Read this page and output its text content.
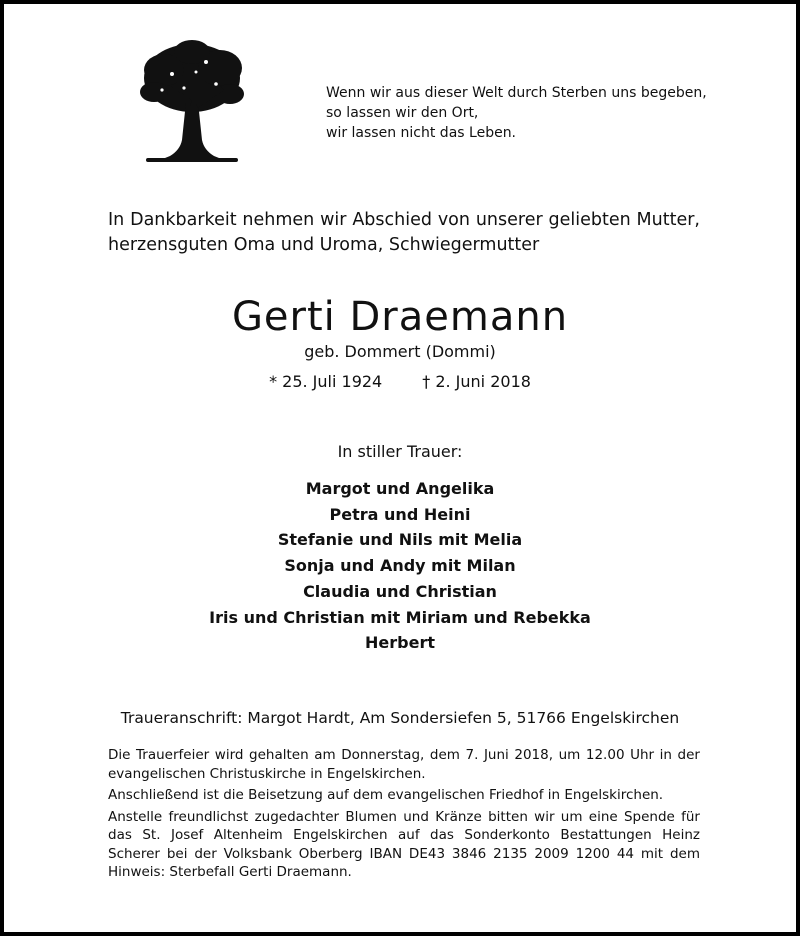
Wenn wir aus dieser Welt durch Sterben uns begeben,
so lassen wir den Ort,
wir lassen nicht das Leben.
In Dankbarkeit nehmen wir Abschied von unserer geliebten Mutter, herzensguten Oma und Uroma, Schwiegermutter
Gerti Draemann
geb. Dommert (Dommi)
* 25. Juli 1924	† 2. Juni 2018
In stiller Trauer:
Margot und Angelika
Petra und Heini
Stefanie und Nils mit Melia
Sonja und Andy mit Milan
Claudia und Christian
Iris und Christian mit Miriam und Rebekka
Herbert
Traueranschrift: Margot Hardt, Am Sondersiefen 5, 51766 Engelskirchen

Die Trauerfeier wird gehalten am Donnerstag, dem 7. Juni 2018, um 12.00 Uhr in der evangelischen Christuskirche in Engelskirchen.

Anschließend ist die Beisetzung auf dem evangelischen Friedhof in Engelskirchen.

Anstelle freundlichst zugedachter Blumen und Kränze bitten wir um eine Spende für das St. Josef Altenheim Engelskirchen auf das Sonderkonto Bestattungen Heinz Scherer bei der Volksbank Oberberg IBAN DE43 3846 2135 2009 1200 44 mit dem Hinweis: Sterbefall Gerti Draemann.
